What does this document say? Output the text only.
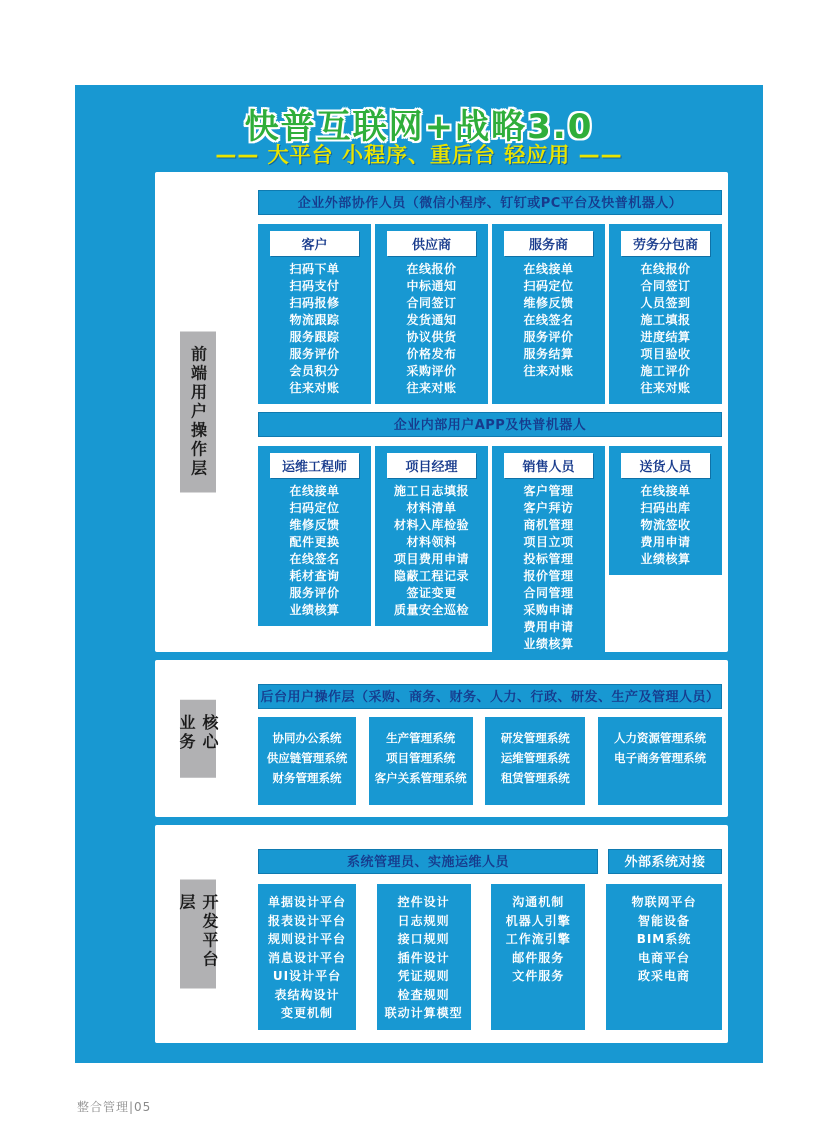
快普互联网+战略3.0
—— 大平台 小程序、重后台 轻应用 ——
前端用户操作层
企业外部协作人员（微信小程序、钉钉或PC平台及快普机器人）
客户
扫码下单
扫码支付
扫码报修
物流跟踪
服务跟踪
服务评价
会员积分
往来对账
供应商
在线报价
中标通知
合同签订
发货通知
协议供货
价格发布
采购评价
往来对账
服务商
在线接单
扫码定位
维修反馈
在线签名
服务评价
服务结算
往来对账
劳务分包商
在线报价
合同签订
人员签到
施工填报
进度结算
项目验收
施工评价
往来对账
企业内部用户APP及快普机器人
运维工程师
在线接单
扫码定位
维修反馈
配件更换
在线签名
耗材查询
服务评价
业绩核算
项目经理
施工日志填报
材料清单
材料入库检验
材料领料
项目费用申请
隐蔽工程记录
签证变更
质量安全巡检
销售人员
客户管理
客户拜访
商机管理
项目立项
投标管理
报价管理
合同管理
采购申请
费用申请
业绩核算
送货人员
在线接单
扫码出库
物流签收
费用申请
业绩核算
核心业务
后台用户操作层（采购、商务、财务、人力、行政、研发、生产及管理人员）
协同办公系统
供应链管理系统
财务管理系统
生产管理系统
项目管理系统
客户关系管理系统
研发管理系统
运维管理系统
租赁管理系统
人力资源管理系统
电子商务管理系统
开发平台层
系统管理员、实施运维人员	外部系统对接
单据设计平台
报表设计平台
规则设计平台
消息设计平台
UI设计平台
表结构设计
变更机制
控件设计
日志规则
接口规则
插件设计
凭证规则
检查规则
联动计算模型
沟通机制
机器人引擎
工作流引擎
邮件服务
文件服务
物联网平台
智能设备
BIM系统
电商平台
政采电商
整合管理|05
